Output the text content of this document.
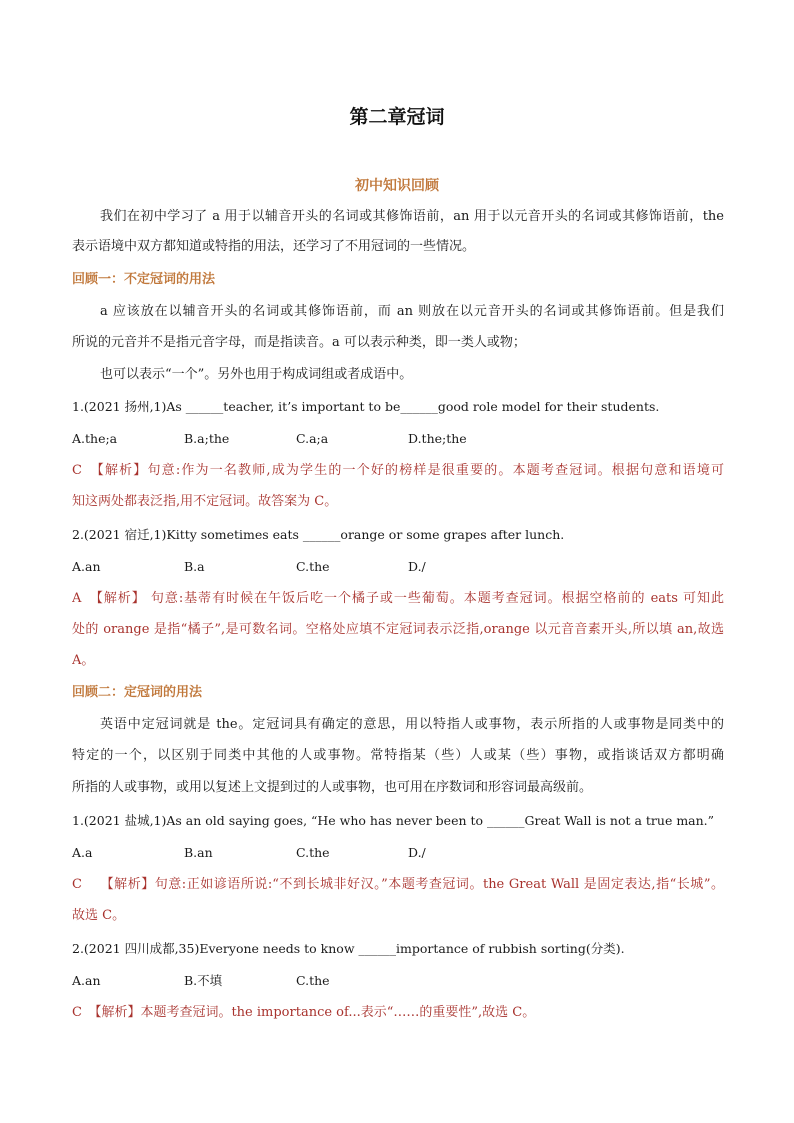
第二章冠词
初中知识回顾
我们在初中学习了 a 用于以辅音开头的名词或其修饰语前，an 用于以元音开头的名词或其修饰语前，the
表示语境中双方都知道或特指的用法，还学习了不用冠词的一些情况。
回顾一：不定冠词的用法
a 应该放在以辅音开头的名词或其修饰语前，而 an 则放在以元音开头的名词或其修饰语前。但是我们
所说的元音并不是指元音字母，而是指读音。a 可以表示种类，即一类人或物；
也可以表示“一个”。另外也用于构成词组或者成语中。
1.(2021 扬州,1)As ______teacher, it’s important to be______good role model for their students.
A.the;a	B.a;the	C.a;a	D.the;the
C　【解析】句意:作为一名教师,成为学生的一个好的榜样是很重要的。本题考查冠词。根据句意和语境可
知这两处都表泛指,用不定冠词。故答案为 C。
2.(2021 宿迁,1)Kitty sometimes eats ______orange or some grapes after lunch.
A.an	B.a	C.the	D./
A　【解析】 句意:基蒂有时候在午饭后吃一个橘子或一些葡萄。本题考查冠词。根据空格前的 eats 可知此
处的 orange 是指“橘子”,是可数名词。空格处应填不定冠词表示泛指,orange 以元音音素开头,所以填 an,故选
A。
回顾二：定冠词的用法
英语中定冠词就是 the。定冠词具有确定的意思，用以特指人或事物，表示所指的人或事物是同类中的
特定的一个，以区别于同类中其他的人或事物。常特指某（些）人或某（些）事物，或指谈话双方都明确
所指的人或事物，或用以复述上文提到过的人或事物，也可用在序数词和形容词最高级前。
1.(2021 盐城,1)As an old saying goes, “He who has never been to ______Great Wall is not a true man.”
A.a	B.an	C.the	D./
C　 【解析】句意:正如谚语所说:“不到长城非好汉。”本题考查冠词。the Great Wall 是固定表达,指“长城”。
故选 C。
2.(2021 四川成都,35)Everyone needs to know ______importance of rubbish sorting(分类).
A.an	B.不填	C.the
C　【解析】本题考查冠词。the importance of...表示“……的重要性”,故选 C。
